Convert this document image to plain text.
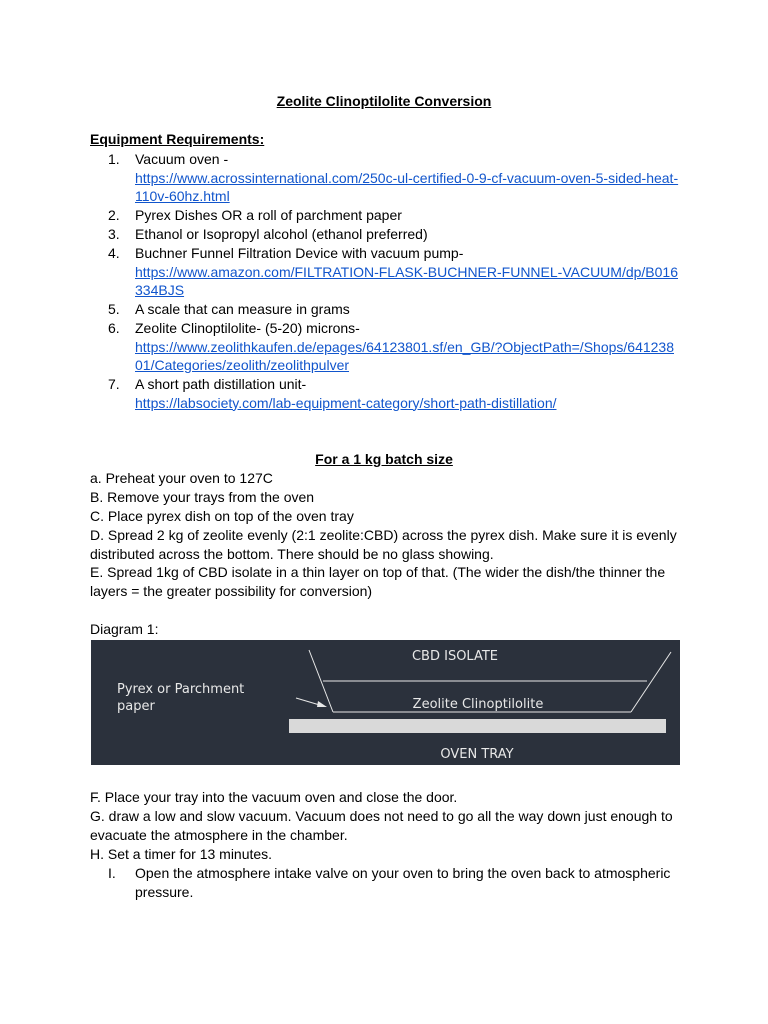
Zeolite Clinoptilolite Conversion
Equipment Requirements:
1.	Vacuum oven -
https://www.acrossinternational.com/250c-ul-certified-0-9-cf-vacuum-oven-5-sided-heat-110v-60hz.html
2.	Pyrex Dishes OR a roll of parchment paper
3.	Ethanol or Isopropyl alcohol (ethanol preferred)
4.	Buchner Funnel Filtration Device with vacuum pump-
https://www.amazon.com/FILTRATION-FLASK-BUCHNER-FUNNEL-VACUUM/dp/B016334BJS
5.	A scale that can measure in grams
6.	Zeolite Clinoptilolite- (5-20) microns-
https://www.zeolithkaufen.de/epages/64123801.sf/en_GB/?ObjectPath=/Shops/64123801/Categories/zeolith/zeolithpulver
7.	A short path distillation unit-
https://labsociety.com/lab-equipment-category/short-path-distillation/
For a 1 kg batch size
a. Preheat your oven to 127C
B. Remove your trays from the oven
C. Place pyrex dish on top of the oven tray
D. Spread 2 kg of zeolite evenly (2:1 zeolite:CBD) across the pyrex dish. Make sure it is evenly distributed across the bottom. There should be no glass showing.
E. Spread 1kg of CBD isolate in a thin layer on top of that. (The wider the dish/the thinner the layers = the greater possibility for conversion)
Diagram 1:
CBD ISOLATE
Pyrex or Parchment
paper	Zeolite Clinoptilolite
OVEN TRAY
F. Place your tray into the vacuum oven and close the door.
G. draw a low and slow vacuum. Vacuum does not need to go all the way down just enough to evacuate the atmosphere in the chamber.
H. Set a timer for 13 minutes.
I.	Open the atmosphere intake valve on your oven to bring the oven back to atmospheric pressure.
